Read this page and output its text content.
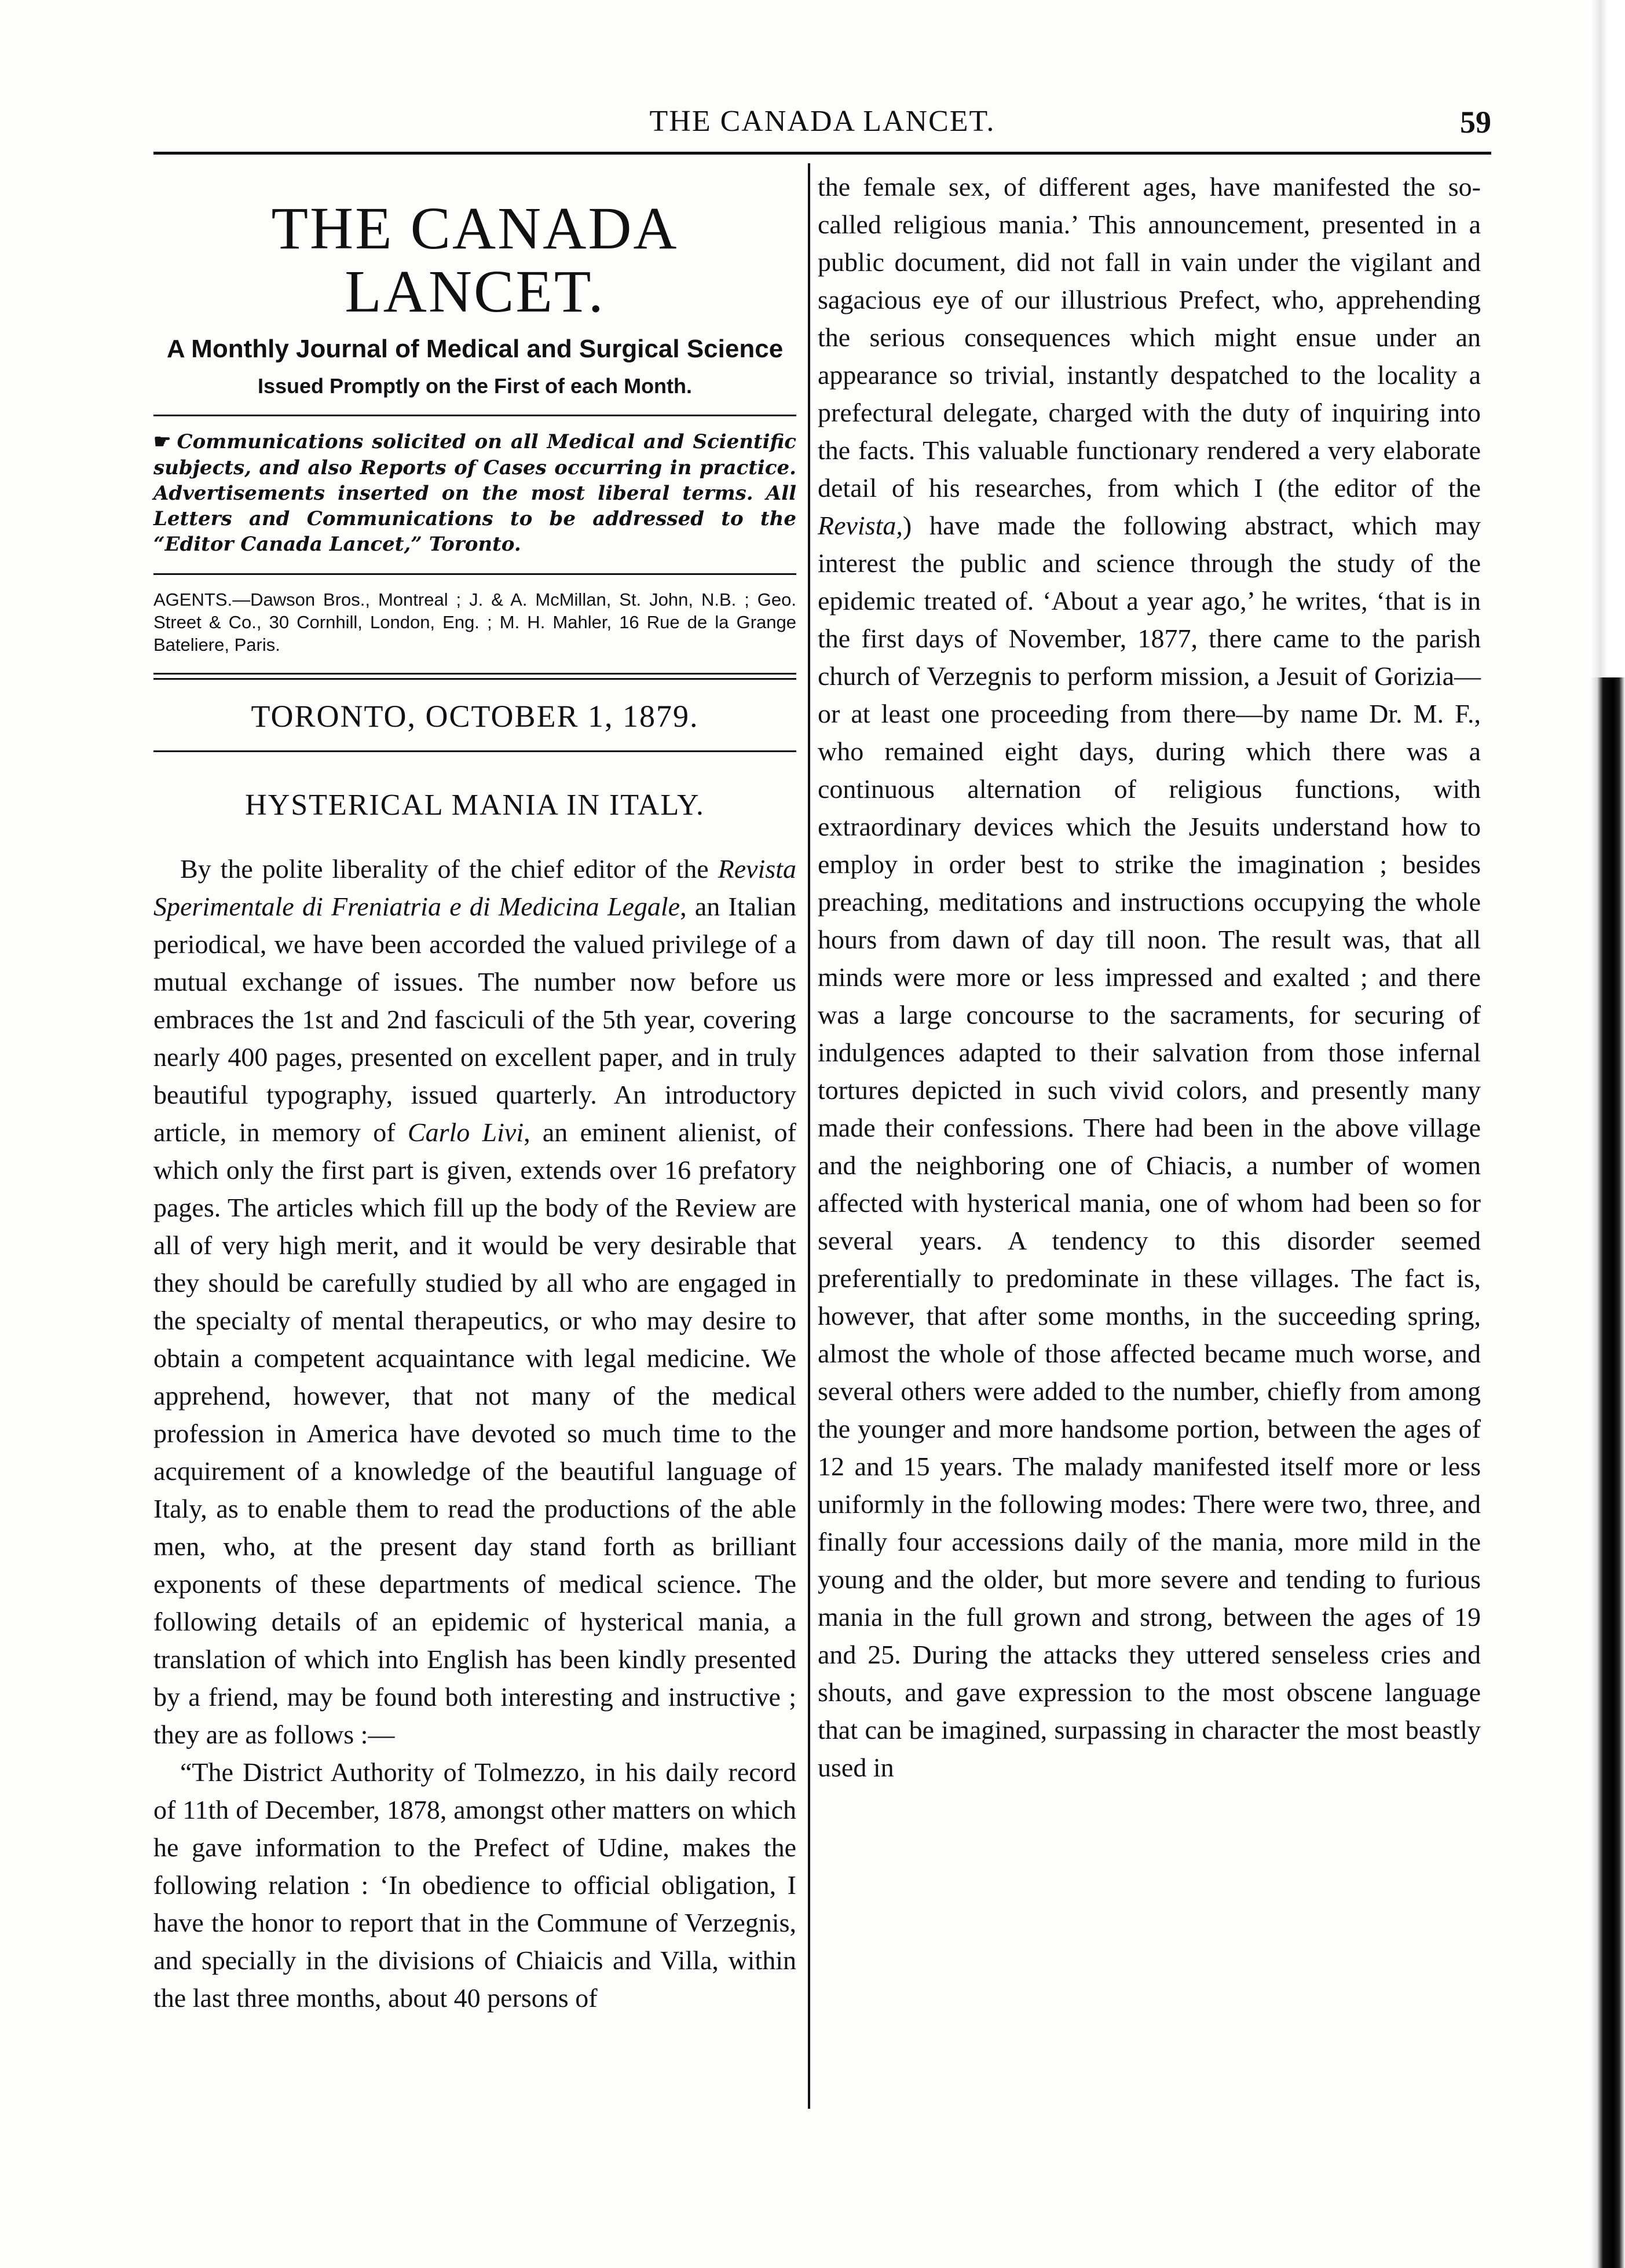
THE CANADA LANCET.	59
THE CANADA LANCET.
A Monthly Journal of Medical and Surgical Science
Issued Promptly on the First of each Month.
☛ Communications solicited on all Medical and Scientific subjects, and also Reports of Cases occurring in practice. Advertisements inserted on the most liberal terms. All Letters and Communications to be addressed to the “Editor Canada Lancet,” Toronto.
AGENTS.—Dawson Bros., Montreal ; J. & A. McMillan, St. John, N.B. ; Geo. Street & Co., 30 Cornhill, London, Eng. ; M. H. Mahler, 16 Rue de la Grange Bateliere, Paris.
TORONTO, OCTOBER 1, 1879.
HYSTERICAL MANIA IN ITALY.

By the polite liberality of the chief editor of the Revista Sperimentale di Freniatria e di Medicina Legale, an Italian periodical, we have been accorded the valued privilege of a mutual exchange of issues. The number now before us embraces the 1st and 2nd fasciculi of the 5th year, covering nearly 400 pages, presented on excellent paper, and in truly beautiful typography, issued quarterly. An introductory article, in memory of Carlo Livi, an eminent alienist, of which only the first part is given, extends over 16 prefatory pages. The articles which fill up the body of the Review are all of very high merit, and it would be very desirable that they should be carefully studied by all who are engaged in the specialty of mental therapeutics, or who may desire to obtain a competent acquaintance with legal medicine. We apprehend, however, that not many of the medical profession in America have devoted so much time to the acquirement of a knowledge of the beautiful language of Italy, as to enable them to read the productions of the able men, who, at the present day stand forth as brilliant exponents of these departments of medical science. The following details of an epidemic of hysterical mania, a translation of which into English has been kindly presented by a friend, may be found both interesting and instructive ; they are as follows :—

“The District Authority of Tolmezzo, in his daily record of 11th of December, 1878, amongst other matters on which he gave information to the Prefect of Udine, makes the following relation : ‘In obedience to official obligation, I have the honor to report that in the Commune of Verzegnis, and specially in the divisions of Chiaicis and Villa, within the last three months, about 40 persons of

the female sex, of different ages, have manifested the so-called religious mania.’ This announcement, presented in a public document, did not fall in vain under the vigilant and sagacious eye of our illustrious Prefect, who, apprehending the serious consequences which might ensue under an appearance so trivial, instantly despatched to the locality a prefectural delegate, charged with the duty of inquiring into the facts. This valuable functionary rendered a very elaborate detail of his researches, from which I (the editor of the Revista,) have made the following abstract, which may interest the public and science through the study of the epidemic treated of. ‘About a year ago,’ he writes, ‘that is in the first days of November, 1877, there came to the parish church of Verzegnis to perform mission, a Jesuit of Gorizia—or at least one proceeding from there—by name Dr. M. F., who remained eight days, during which there was a continuous alternation of religious functions, with extraordinary devices which the Jesuits understand how to employ in order best to strike the imagination ; besides preaching, meditations and instructions occupying the whole hours from dawn of day till noon. The result was, that all minds were more or less impressed and exalted ; and there was a large concourse to the sacraments, for securing of indulgences adapted to their salvation from those infernal tortures depicted in such vivid colors, and presently many made their confessions. There had been in the above village and the neighboring one of Chiacis, a number of women affected with hysterical mania, one of whom had been so for several years. A tendency to this disorder seemed preferentially to predominate in these villages. The fact is, however, that after some months, in the succeeding spring, almost the whole of those affected became much worse, and several others were added to the number, chiefly from among the younger and more handsome portion, between the ages of 12 and 15 years. The malady manifested itself more or less uniformly in the following modes: There were two, three, and finally four accessions daily of the mania, more mild in the young and the older, but more severe and tending to furious mania in the full grown and strong, between the ages of 19 and 25. During the attacks they uttered senseless cries and shouts, and gave expression to the most obscene language that can be imagined, surpassing in character the most beastly used in
